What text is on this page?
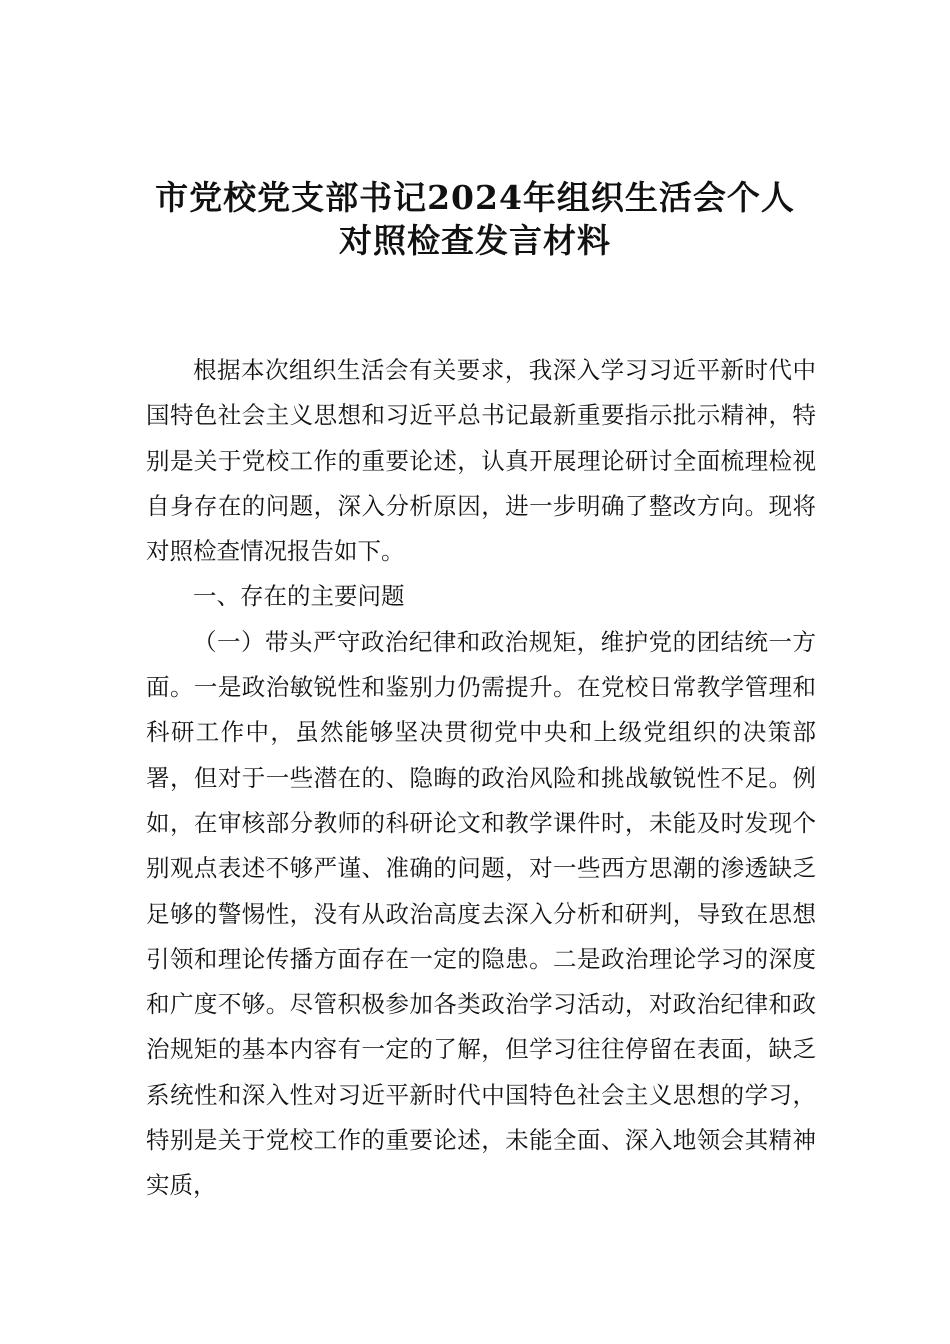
市党校党支部书记2024年组织生活会个人
对照检查发言材料

根据本次组织生活会有关要求，我深入学习习近平新时代中国特色社会主义思想和习近平总书记最新重要指示批示精神，特别是关于党校工作的重要论述，认真开展理论研讨全面梳理检视自身存在的问题，深入分析原因，进一步明确了整改方向。现将对照检查情况报告如下。

一、存在的主要问题

（一）带头严守政治纪律和政治规矩，维护党的团结统一方面。一是政治敏锐性和鉴别力仍需提升。在党校日常教学管理和科研工作中，虽然能够坚决贯彻党中央和上级党组织的决策部署，但对于一些潜在的、隐晦的政治风险和挑战敏锐性不足。例如，在审核部分教师的科研论文和教学课件时，未能及时发现个别观点表述不够严谨、准确的问题，对一些西方思潮的渗透缺乏足够的警惕性，没有从政治高度去深入分析和研判，导致在思想引领和理论传播方面存在一定的隐患。二是政治理论学习的深度和广度不够。尽管积极参加各类政治学习活动，对政治纪律和政治规矩的基本内容有一定的了解，但学习往往停留在表面，缺乏系统性和深入性对习近平新时代中国特色社会主义思想的学习，特别是关于党校工作的重要论述，未能全面、深入地领会其精神实质，
